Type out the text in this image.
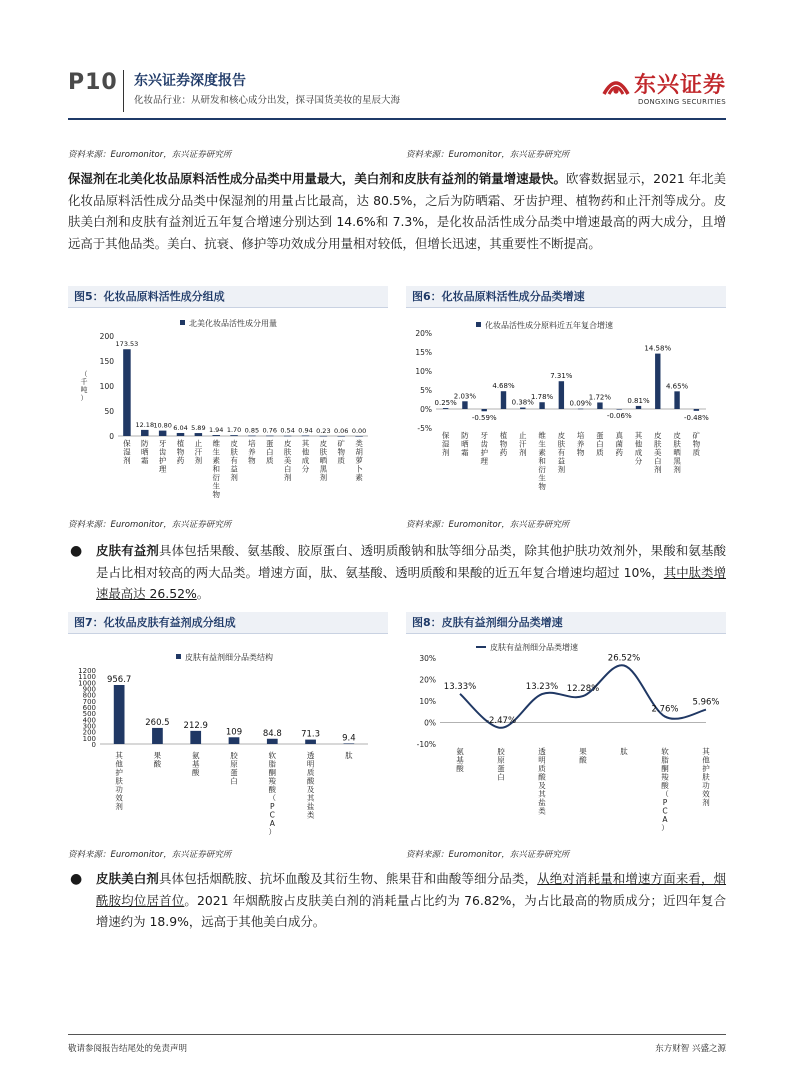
P10 东兴证券深度报告
化妆品行业：从研发和核心成分出发，探寻国货美妆的星辰大海
东兴证券
DONGXING SECURITIES
资料来源：Euromonitor，东兴证券研究所	资料来源：Euromonitor，东兴证券研究所
保湿剂在北美化妆品原料活性成分品类中用量最大，美白剂和皮肤有益剂的销量增速最快。欧睿数据显示，2021 年北美化妆品原料活性成分品类中保湿剂的用量占比最高，达 80.5%，之后为防晒霜、牙齿护理、植物药和止汗剂等成分。皮肤美白剂和皮肤有益剂近五年复合增速分别达到 14.6%和 7.3%，是化妆品活性成分品类中增速最高的两大成分，且增远高于其他品类。美白、抗衰、修护等功效成分用量相对较低，但增长迅速，其重要性不断提高。
图5：化妆品原料活性成分组成
北美化妆品活性成分用量
0
50
100
150
200
（千吨）
173.53
保湿剂
12.18
防晒霜
10.80
牙齿护理
6.04
植物药
5.89
止汗剂
1.94
维生素和衍生物
1.70
皮肤有益剂
0.85
培养物
0.76
蛋白质
0.54
皮肤美白剂
0.94
其他成分
0.23
皮肤晒黑剂
0.06
矿物质
0.00
类胡萝卜素
图6：化妆品原料活性成分品类增速
化妆品活性成分原料近五年复合增速
-5%
0%
5%
10%
15%
20%
0.25%
保湿剂
2.03%
防晒霜
-0.59%
牙齿护理
4.68%
植物药
0.38%
止汗剂
1.78%
维生素和衍生物
7.31%
皮肤有益剂
0.09%
培养物
1.72%
蛋白质
-0.06%
真菌药
0.81%
其他成分
14.58%
皮肤美白剂
4.65%
皮肤晒黑剂
-0.48%
矿物质
资料来源：Euromonitor，东兴证券研究所	资料来源：Euromonitor，东兴证券研究所
● 皮肤有益剂具体包括果酸、氨基酸、胶原蛋白、透明质酸钠和肽等细分品类，除其他护肤功效剂外，果酸和氨基酸是占比相对较高的两大品类。增速方面，肽、氨基酸、透明质酸和果酸的近五年复合增速均超过 10%，其中肽类增速最高达 26.52%。
图7：化妆品皮肤有益剂成分组成
皮肤有益剂细分品类结构
0
100
200
300
400
500
600
700
800
900
1000
1100
1200
956.7
其他护肤功效剂
260.5
果酸
212.9
氨基酸
109
胶原蛋白
84.8
软脂酮羧酸（ P C A ）
71.3
透明质酸及其盐类
9.4
肽
图8：皮肤有益剂细分品类增速
皮肤有益剂细分品类增速
-10%
0%
10%
20%
30%
13.33%
氨基酸
-2.47%
胶原蛋白
13.23%
透明质酸及其盐类
12.28%
果酸
26.52%
肽
2.76%
软脂酮羧酸（ P C A ）
5.96%
其他护肤功效剂
资料来源：Euromonitor，东兴证券研究所	资料来源：Euromonitor，东兴证券研究所
● 皮肤美白剂具体包括烟酰胺、抗坏血酸及其衍生物、熊果苷和曲酸等细分品类，从绝对消耗量和增速方面来看，烟酰胺均位居首位。2021 年烟酰胺占皮肤美白剂的消耗量占比约为 76.82%，为占比最高的物质成分；近四年复合增速约为 18.9%，远高于其他美白成分。
敬请参阅报告结尾处的免责声明	东方财智 兴盛之源
